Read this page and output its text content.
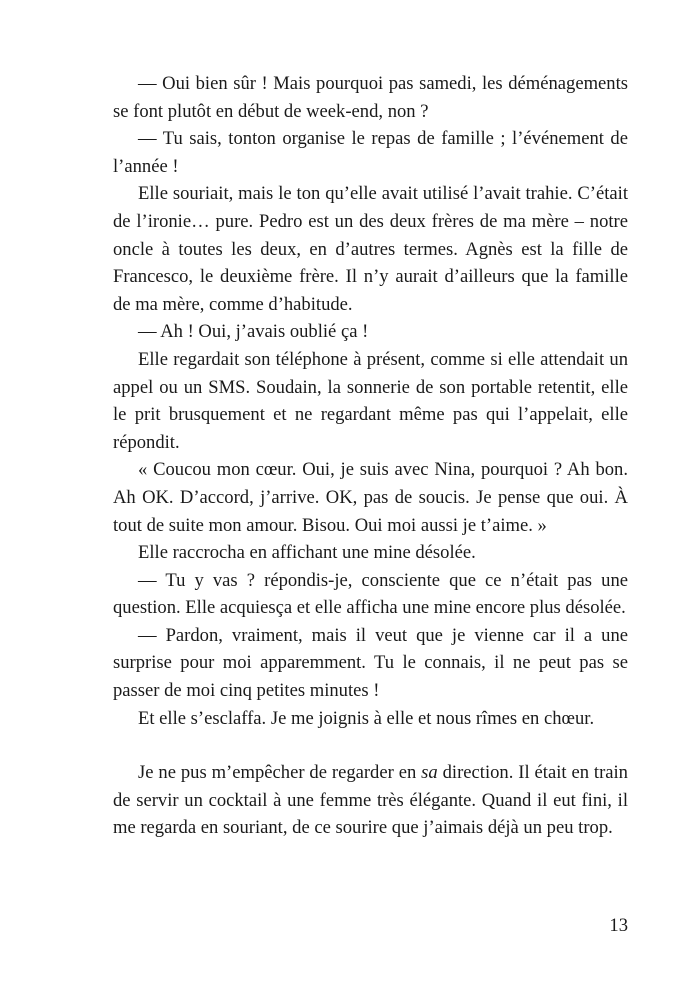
— Oui bien sûr ! Mais pourquoi pas samedi, les déménagements se font plutôt en début de week-end, non ?

— Tu sais, tonton organise le repas de famille ; l’événement de l’année !

Elle souriait, mais le ton qu’elle avait utilisé l’avait trahie. C’était de l’ironie… pure. Pedro est un des deux frères de ma mère – notre oncle à toutes les deux, en d’autres termes. Agnès est la fille de Francesco, le deuxième frère. Il n’y aurait d’ailleurs que la famille de ma mère, comme d’habitude.

— Ah ! Oui, j’avais oublié ça !

Elle regardait son téléphone à présent, comme si elle attendait un appel ou un SMS. Soudain, la sonnerie de son portable retentit, elle le prit brusquement et ne regardant même pas qui l’appelait, elle répondit.

« Coucou mon cœur. Oui, je suis avec Nina, pourquoi ? Ah bon. Ah OK. D’accord, j’arrive. OK, pas de soucis. Je pense que oui. À tout de suite mon amour. Bisou. Oui moi aussi je t’aime. »

Elle raccrocha en affichant une mine désolée.

— Tu y vas ? répondis-je, consciente que ce n’était pas une question. Elle acquiesça et elle afficha une mine encore plus désolée.

— Pardon, vraiment, mais il veut que je vienne car il a une surprise pour moi apparemment. Tu le connais, il ne peut pas se passer de moi cinq petites minutes !

Et elle s’esclaffa. Je me joignis à elle et nous rîmes en chœur.

Je ne pus m’empêcher de regarder en sa direction. Il était en train de servir un cocktail à une femme très élégante. Quand il eut fini, il me regarda en souriant, de ce sourire que j’aimais déjà un peu trop.

13
